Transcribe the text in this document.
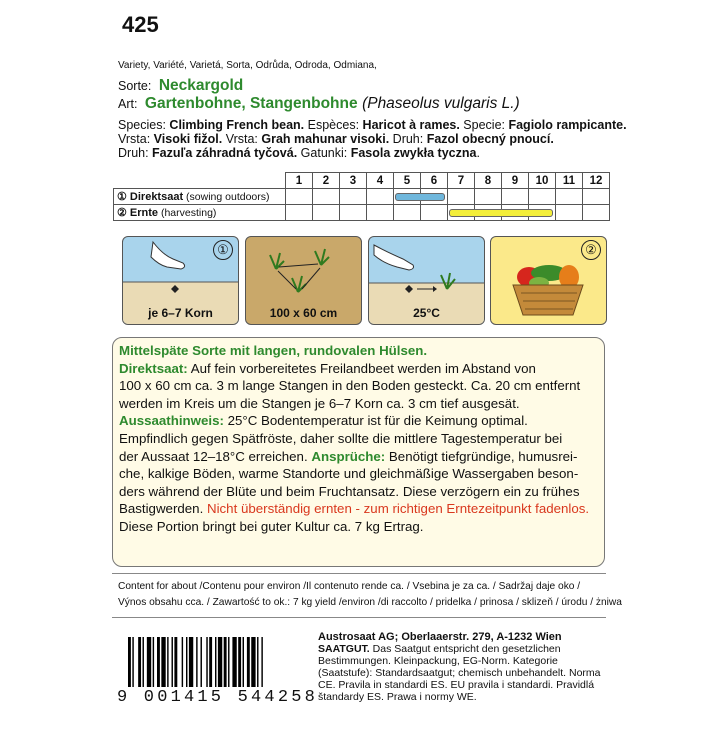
425
Variety, Variété, Varietá, Sorta, Odrůda, Odroda, Odmiana,
Sorte: Neckargold
Art: Gartenbohne, Stangenbohne (Phaseolus vulgaris L.)
Species: Climbing French bean. Espèces: Haricot à rames. Specie: Fagiolo rampicante.
Vrsta: Visoki fižol. Vrsta: Grah mahunar visoki. Druh: Fazol obecný pnoucí.
Druh: Fazuľa záhradná tyčová. Gatunki: Fasola zwykła tyczna.
	1	2	3	4	5	6	7	8	9	10	11	12
① Direktsaat (sowing outdoors)												
② Ernte (harvesting)												
①
je 6–7 Korn	100 x 60 cm	25°C
②
Mittelspäte Sorte mit langen, rundovalen Hülsen.
Direktsaat: Auf fein vorbereitetes Freilandbeet werden im Abstand von
100 x 60 cm ca. 3 m lange Stangen in den Boden gesteckt. Ca. 20 cm entfernt
werden im Kreis um die Stangen je 6–7 Korn ca. 3 cm tief ausgesät.
Aussaathinweis: 25°C Bodentemperatur ist für die Keimung optimal.
Empfindlich gegen Spätfröste, daher sollte die mittlere Tagestemperatur bei
der Aussaat 12–18°C erreichen. Ansprüche: Benötigt tiefgründige, humusrei-
che, kalkige Böden, warme Standorte und gleichmäßige Wassergaben beson-
ders während der Blüte und beim Fruchtansatz. Diese verzögern ein zu frühes
Bastigwerden. Nicht überständig ernten - zum richtigen Erntezeitpunkt fadenlos.
Diese Portion bringt bei guter Kultur ca. 7 kg Ertrag.
Content for about /Contenu pour environ /Il contenuto rende ca. / Vsebina je za ca. / Sadržaj daje oko /
Výnos obsahu cca. / Zawartość to ok.: 7 kg yield /environ /di raccolto / pridelka / prinosa / sklizeň / úrodu / żniwa
9 001415 544258
Austrosaat AG; Oberlaaerstr. 279, A-1232 Wien
SAATGUT. Das Saatgut entspricht den gesetzlichen Bestimmungen. Kleinpackung, EG-Norm. Kategorie (Saatstufe): Standardsaatgut; chemisch unbehandelt. Norma CE. Pravila in standardi ES. EU pravila i standardi. Pravidlá štandardy ES. Prawa i normy WE.
